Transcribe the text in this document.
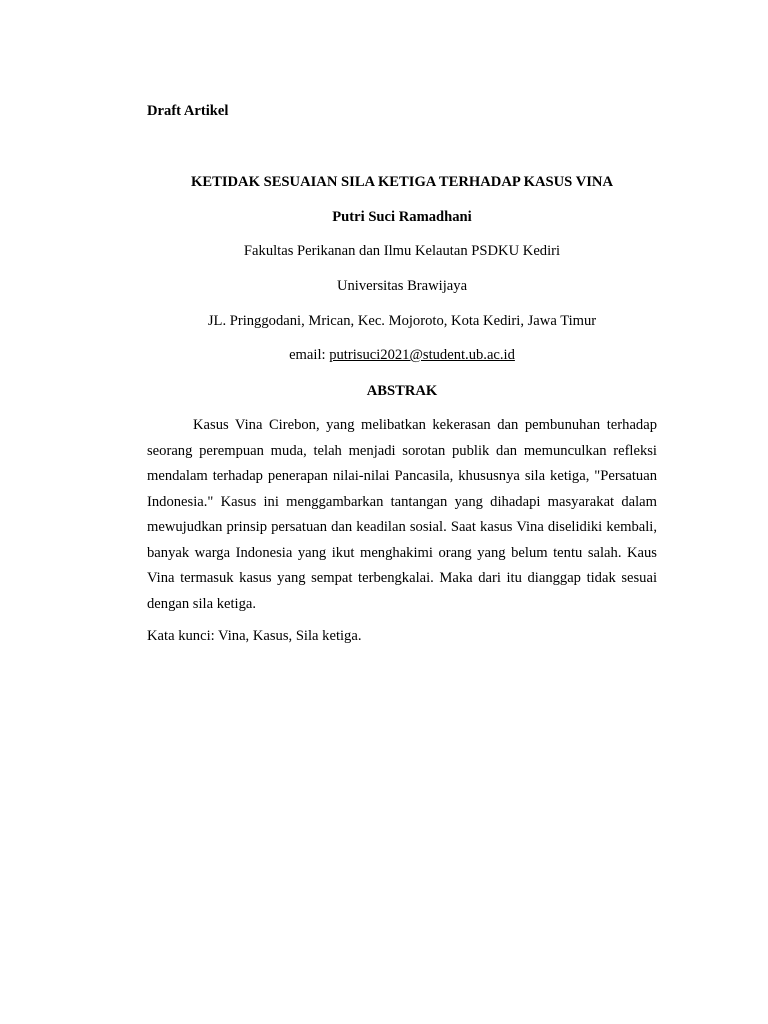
Draft Artikel

KETIDAK SESUAIAN SILA KETIGA TERHADAP KASUS VINA

Putri Suci Ramadhani

Fakultas Perikanan dan Ilmu Kelautan PSDKU Kediri

Universitas Brawijaya

JL. Pringgodani, Mrican, Kec. Mojoroto, Kota Kediri, Jawa Timur

email: putrisuci2021@student.ub.ac.id

ABSTRAK

Kasus Vina Cirebon, yang melibatkan kekerasan dan pembunuhan terhadap seorang perempuan muda, telah menjadi sorotan publik dan memunculkan refleksi mendalam terhadap penerapan nilai-nilai Pancasila, khususnya sila ketiga, "Persatuan Indonesia." Kasus ini menggambarkan tantangan yang dihadapi masyarakat dalam mewujudkan prinsip persatuan dan keadilan sosial. Saat kasus Vina diselidiki kembali, banyak warga Indonesia yang ikut menghakimi orang yang belum tentu salah. Kaus Vina termasuk kasus yang sempat terbengkalai. Maka dari itu dianggap tidak sesuai dengan sila ketiga.

Kata kunci: Vina, Kasus, Sila ketiga.
